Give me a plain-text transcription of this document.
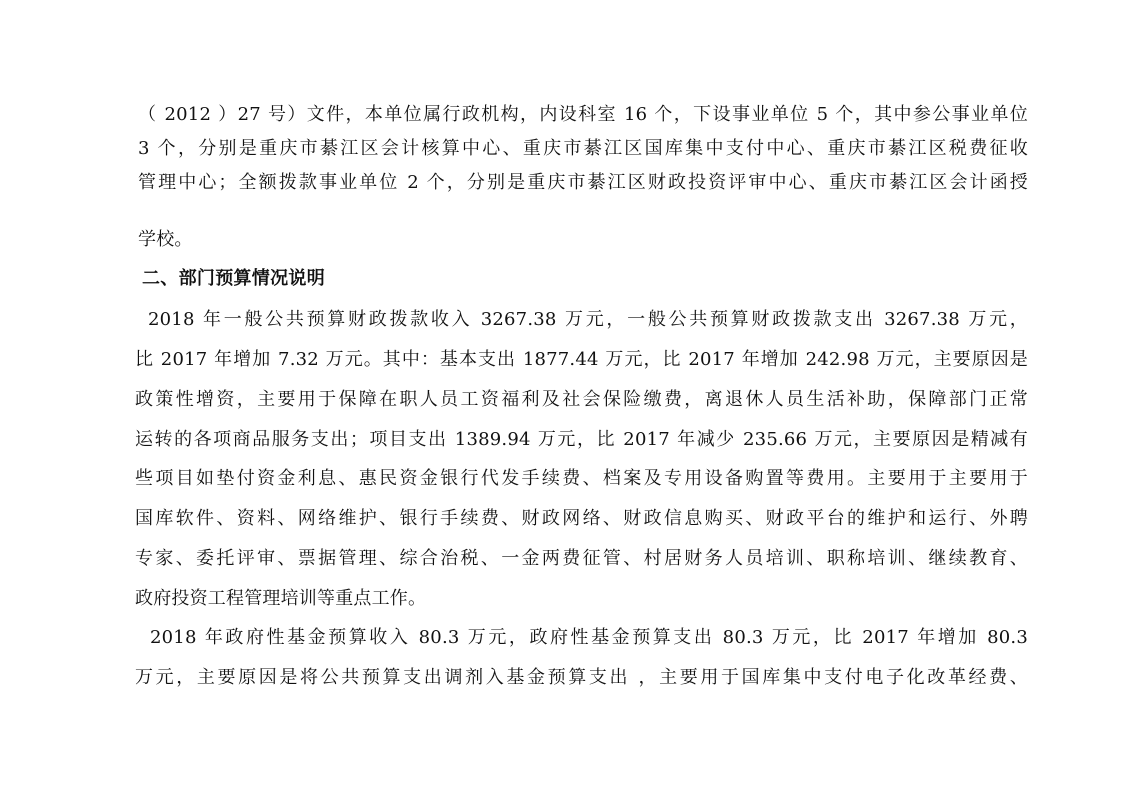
（ 2012 ）27 号）文件，本单位属行政机构，内设科室 16 个，下设事业单位 5 个，其中参公事业单位
3 个，分别是重庆市綦江区会计核算中心、重庆市綦江区国库集中支付中心、重庆市綦江区税费征收
管理中心；全额拨款事业单位 2 个，分别是重庆市綦江区财政投资评审中心、重庆市綦江区会计函授
学校。
二、部门预算情况说明
2018 年一般公共预算财政拨款收入 3267.38 万元，一般公共预算财政拨款支出 3267.38 万元，
比 2017 年增加 7.32 万元。其中：基本支出 1877.44 万元，比 2017 年增加 242.98 万元，主要原因是
政策性增资，主要用于保障在职人员工资福利及社会保险缴费，离退休人员生活补助，保障部门正常
运转的各项商品服务支出；项目支出 1389.94 万元，比 2017 年减少 235.66 万元，主要原因是精减有
些项目如垫付资金利息、惠民资金银行代发手续费、档案及专用设备购置等费用。主要用于主要用于
国库软件、资料、网络维护、银行手续费、财政网络、财政信息购买、财政平台的维护和运行、外聘
专家、委托评审、票据管理、综合治税、一金两费征管、村居财务人员培训、职称培训、继续教育、
政府投资工程管理培训等重点工作。
2018 年政府性基金预算收入 80.3 万元，政府性基金预算支出 80.3 万元，比 2017 年增加 80.3
万元，主要原因是将公共预算支出调剂入基金预算支出 ，主要用于国库集中支付电子化改革经费、
